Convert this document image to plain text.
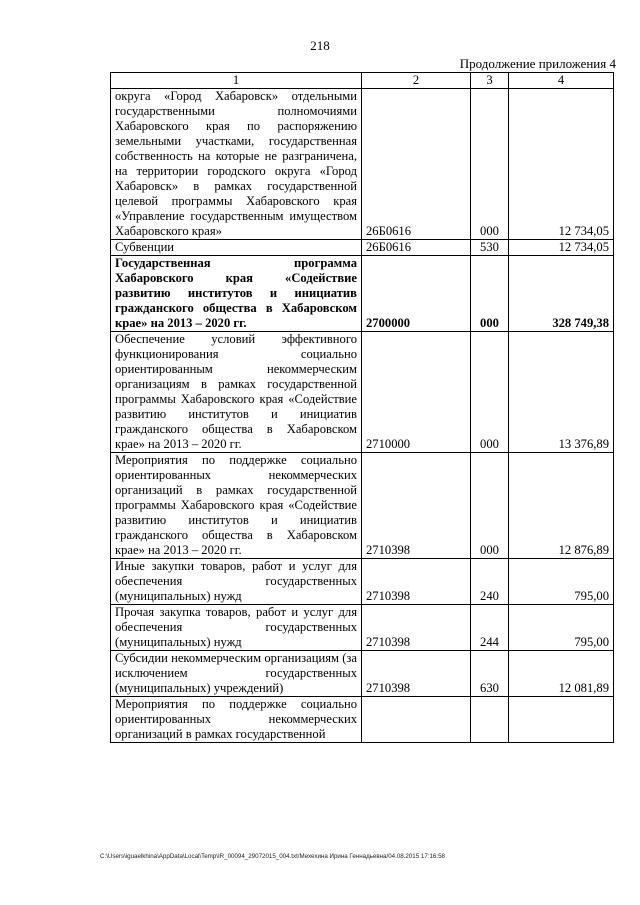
218
Продолжение приложения 4
1	2	3	4
округа «Город Хабаровск» отдельными государственными полномочиями Хабаровского края по распоряжению земельными участками, государственная собственность на которые не разграничена, на территории городского округа «Город Хабаровск» в рамках государственной целевой программы Хабаровского края «Управление государственным имуществом Хабаровского края»	26Б0616	000	12 734,05
Субвенции	26Б0616	530	12 734,05
Государственная программа Хабаровского края «Содействие развитию институтов и инициатив гражданского общества в Хабаровском крае» на 2013 – 2020 гг.	2700000	000	328 749,38
Обеспечение условий эффективного функционирования социально ориентированным некоммерческим организациям в рамках государственной программы Хабаровского края «Содействие развитию институтов и инициатив гражданского общества в Хабаровском крае» на 2013 – 2020 гг.	2710000	000	13 376,89
Мероприятия по поддержке социально ориентированных некоммерческих организаций в рамках государственной программы Хабаровского края «Содействие развитию институтов и инициатив гражданского общества в Хабаровском крае» на 2013 – 2020 гг.	2710398	000	12 876,89
Иные закупки товаров, работ и услуг для обеспечения государственных (муниципальных) нужд	2710398	240	795,00
Прочая закупка товаров, работ и услуг для обеспечения государственных (муниципальных) нужд	2710398	244	795,00
Субсидии некоммерческим организациям (за исключением государственных (муниципальных) учреждений)	2710398	630	12 081,89
Мероприятия по поддержке социально ориентированных некоммерческих организаций в рамках государственной			
C:\Users\iguaelkhina\AppData\Local\Temp\IR_00094_29072015_004.txt/Мехехина Ирина Геннадьевна/04.08.2015 17:16:58
